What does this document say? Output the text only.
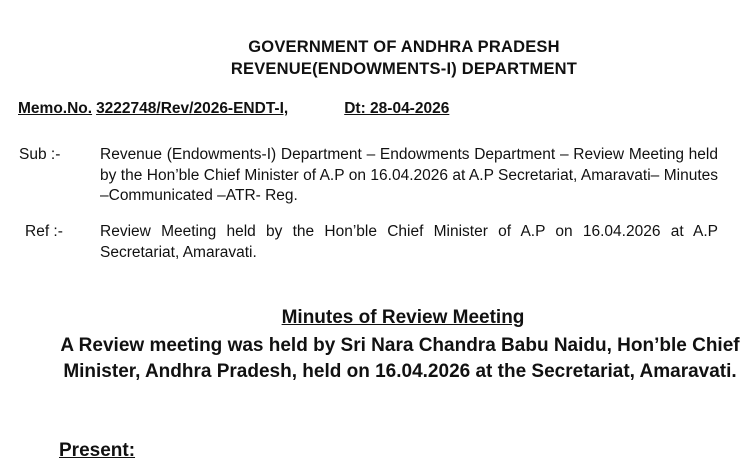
GOVERNMENT OF ANDHRA PRADESH
REVENUE(ENDOWMENTS-I) DEPARTMENT
Memo.No. 3222748/Rev/2026-ENDT-I,	Dt: 28-04-2026
Sub :-	Revenue (Endowments-I) Department – Endowments Department – Review Meeting held by the Hon’ble Chief Minister of A.P on 16.04.2026 at A.P Secretariat, Amaravati– Minutes –Communicated –ATR- Reg.
Ref :- Review Meeting held by the Hon’ble Chief Minister of A.P on 16.04.2026 at A.P Secretariat, Amaravati.
Minutes of Review Meeting
A Review meeting was held by Sri Nara Chandra Babu Naidu, Hon’ble Chief Minister, Andhra Pradesh, held on 16.04.2026 at the Secretariat, Amaravati.
Present:
